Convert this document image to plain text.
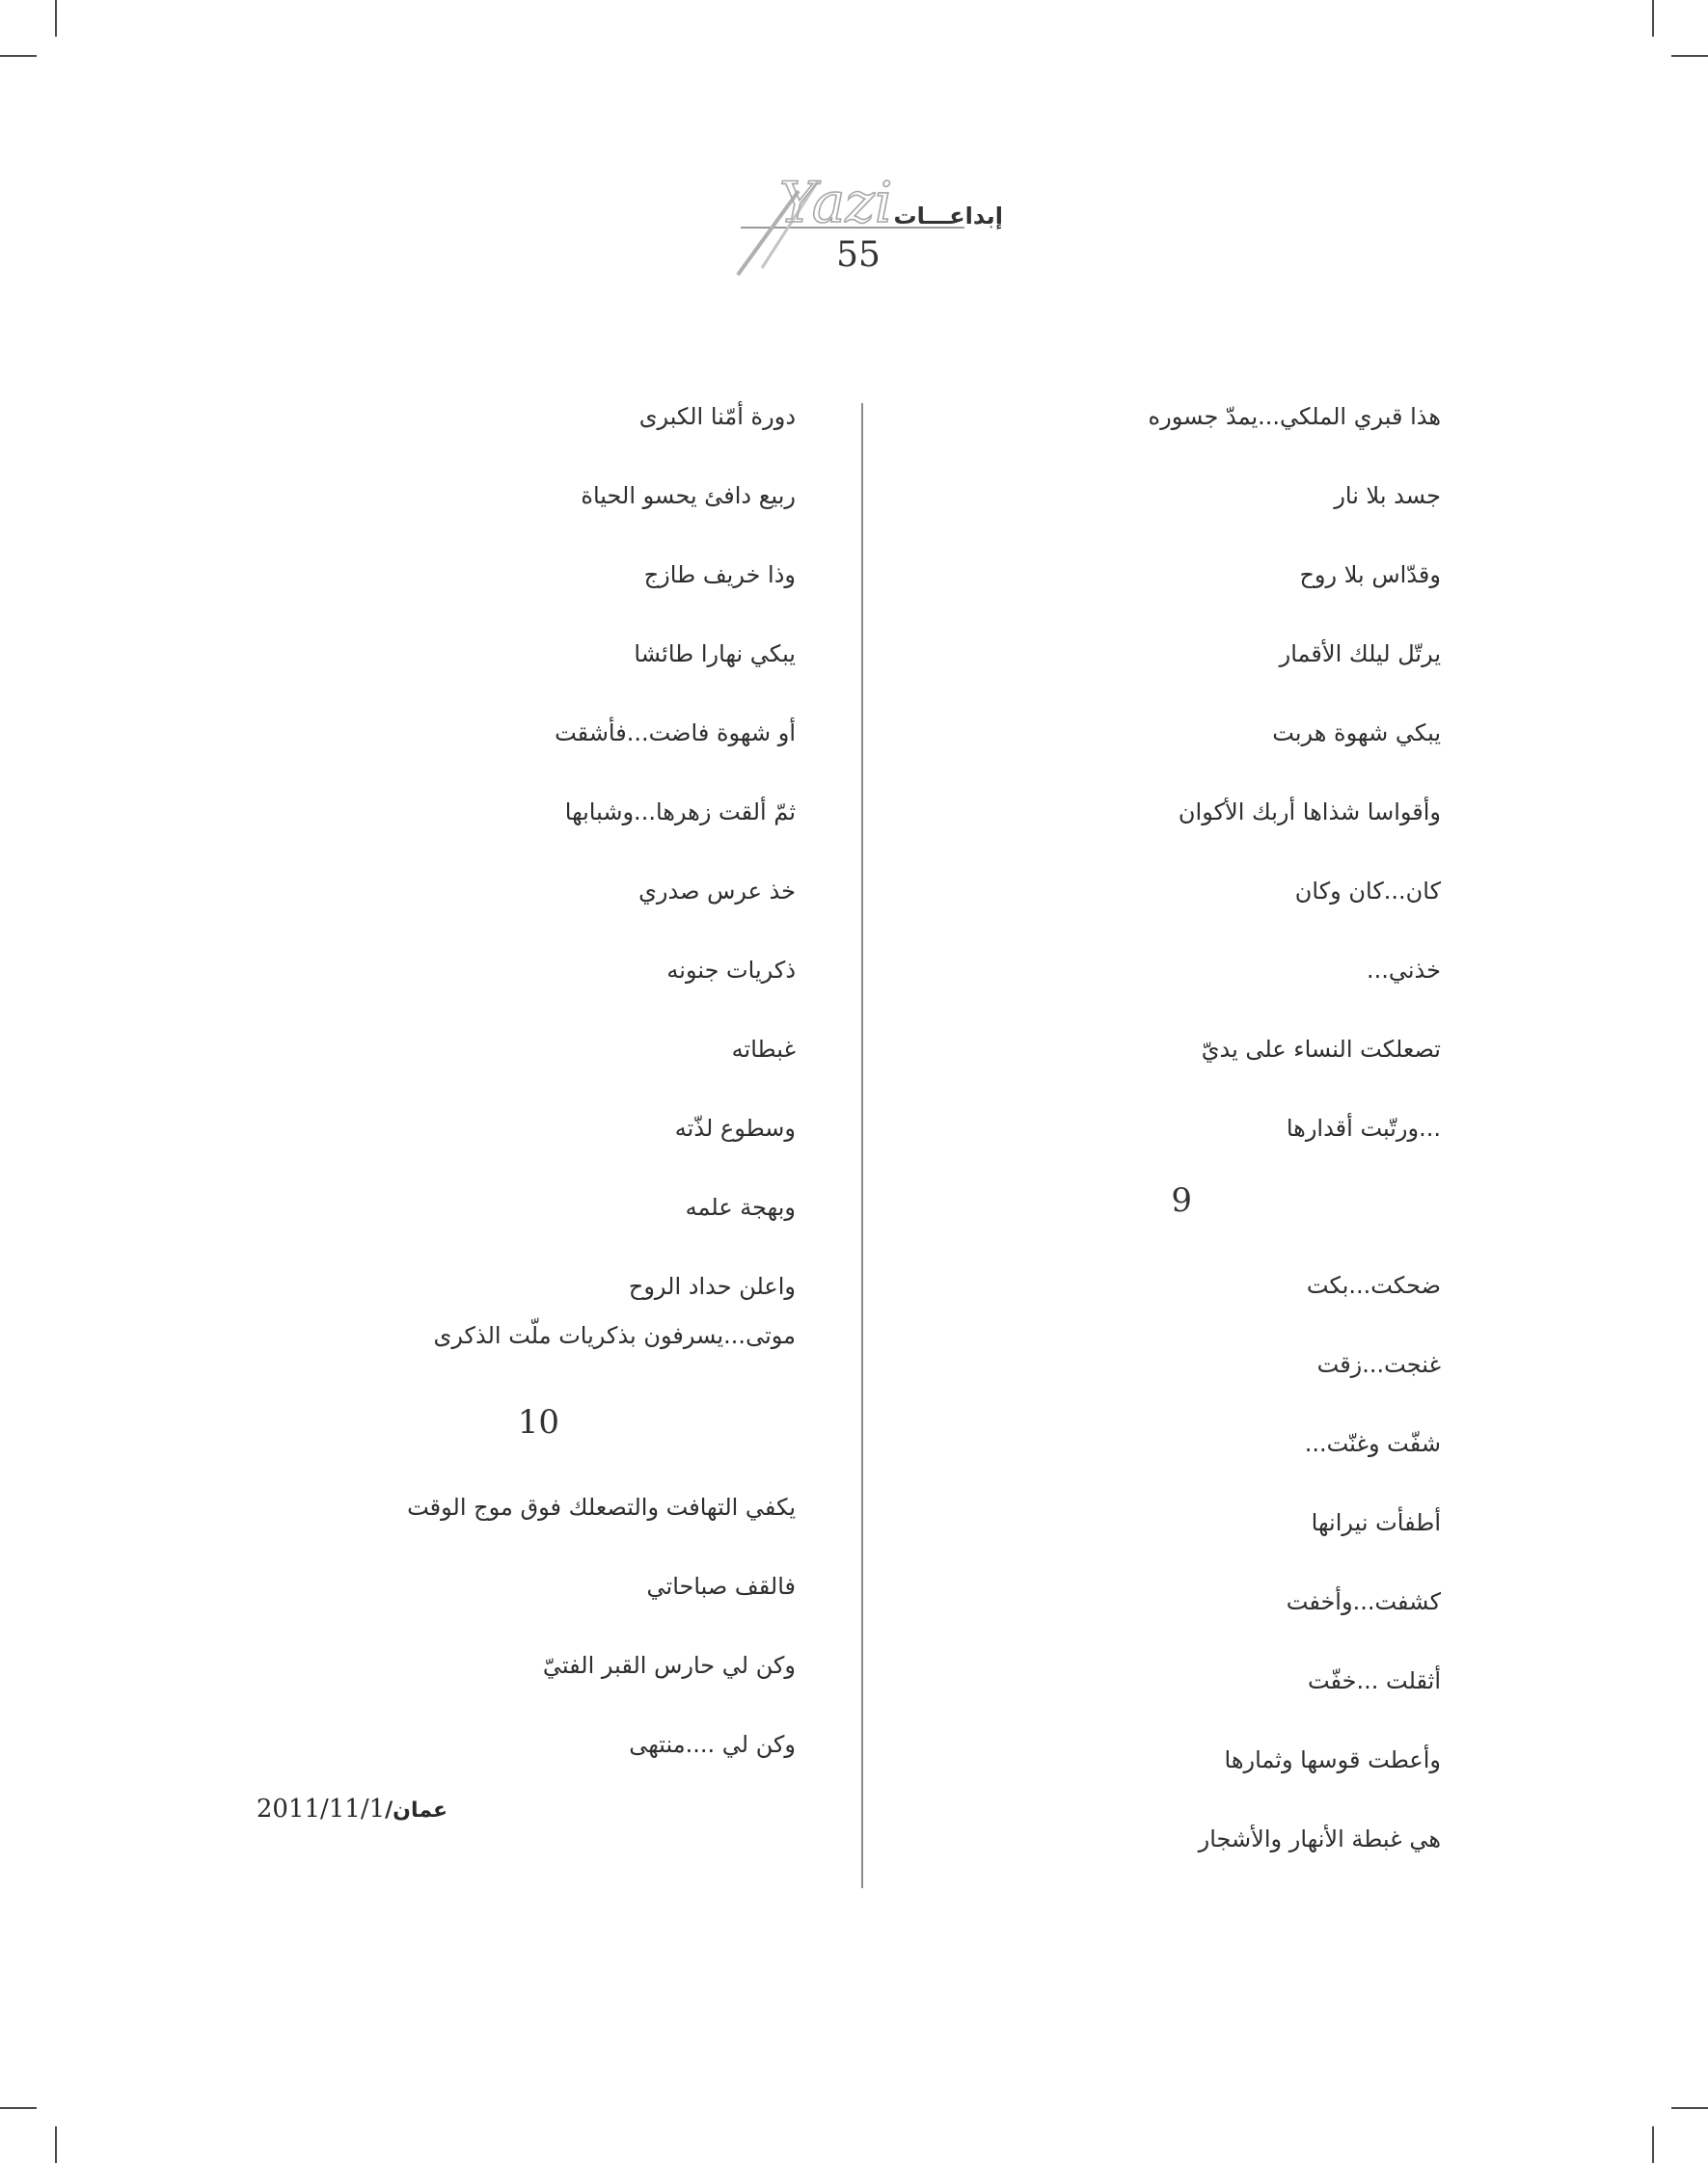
Yazi إبداعـــات
55
هذا قبري الملكي...يمدّ جسوره
جسد بلا نار
وقدّاس بلا روح
يرتّل ليلك الأقمار
يبكي شهوة هربت
وأقواسا شذاها أربك الأكوان
كان...كان وكان
خذني...
تصعلكت النساء على يديّ
...ورتّبت أقدارها
9
ضحكت...بكت
غنجت...زقت
شفّت وغنّت...
أطفأت نيرانها
كشفت...وأخفت
أثقلت ...خفّت
وأعطت قوسها وثمارها
هي غبطة الأنهار والأشجار
دورة أمّنا الكبرى
ربيع دافئ يحسو الحياة
وذا خريف طازج
يبكي نهارا طائشا
أو شهوة فاضت...فأشقت
ثمّ ألقت زهرها...وشبابها
خذ عرس صدري
ذكريات جنونه
غبطاته
وسطوع لذّته
وبهجة علمه
واعلن حداد الروح
موتى...يسرفون بذكريات ملّت الذكرى
10
يكفي التهافت والتصعلك فوق موج الوقت
فالقف صباحاتي
وكن لي حارس القبر الفتيّ
وكن لي ....منتهى
عمان/2011/11/1
